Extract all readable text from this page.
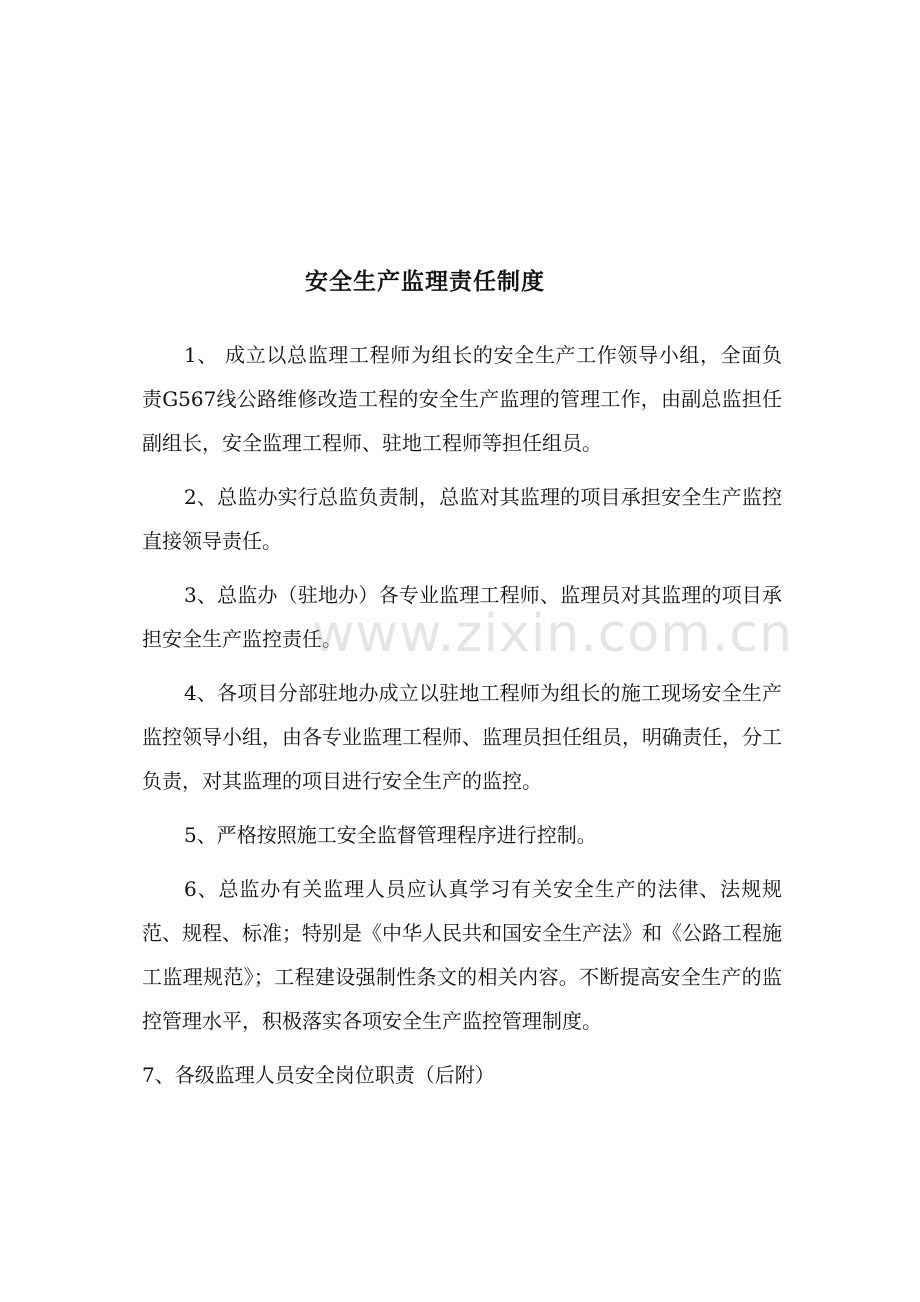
安全生产监理责任制度

1、 成立以总监理工程师为组长的安全生产工作领导小组，全面负责G567线公路维修改造工程的安全生产监理的管理工作，由副总监担任副组长，安全监理工程师、驻地工程师等担任组员。

2、总监办实行总监负责制，总监对其监理的项目承担安全生产监控直接领导责任。

3、总监办（驻地办）各专业监理工程师、监理员对其监理的项目承担安全生产监控责任。

4、各项目分部驻地办成立以驻地工程师为组长的施工现场安全生产监控领导小组，由各专业监理工程师、监理员担任组员，明确责任，分工负责，对其监理的项目进行安全生产的监控。

5、严格按照施工安全监督管理程序进行控制。

6、总监办有关监理人员应认真学习有关安全生产的法律、法规规范、规程、标准；特别是《中华人民共和国安全生产法》和《公路工程施工监理规范》；工程建设强制性条文的相关内容。不断提高安全生产的监控管理水平，积极落实各项安全生产监控管理制度。

7、各级监理人员安全岗位职责（后附）

www.zixin.com.cn
